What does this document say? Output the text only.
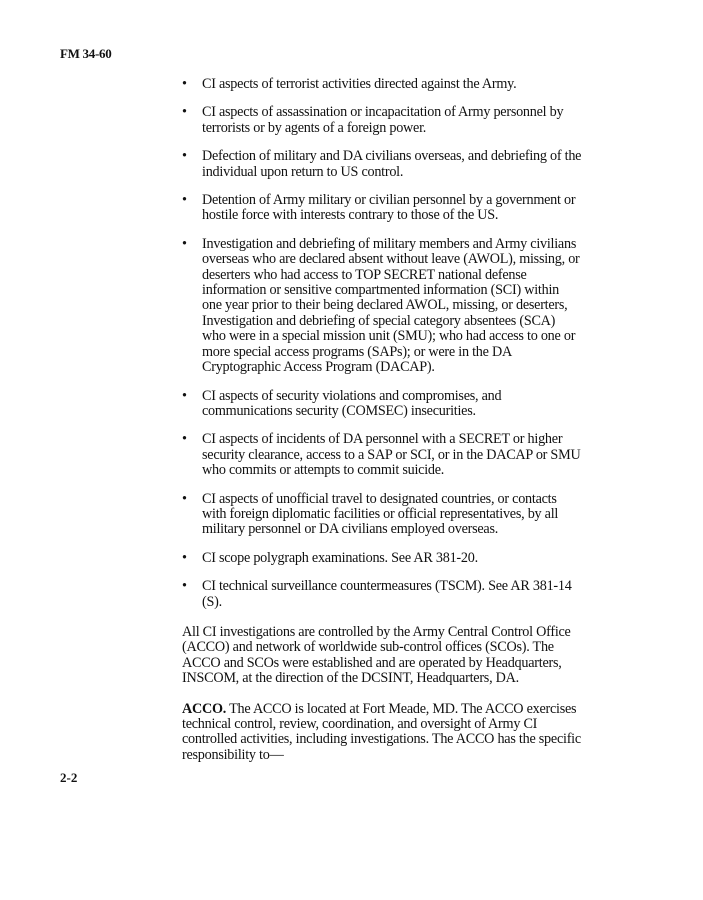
FM 34-60
• CI aspects of terrorist activities directed against the Army.
• CI aspects of assassination or incapacitation of Army personnel by terrorists or by agents of a foreign power.
• Defection of military and DA civilians overseas, and debriefing of the individual upon return to US control.
• Detention of Army military or civilian personnel by a government or hostile force with interests contrary to those of the US.
• Investigation and debriefing of military members and Army civilians overseas who are declared absent without leave (AWOL), missing, or deserters who had access to TOP SECRET national defense information or sensitive compartmented information (SCI) within one year prior to their being declared AWOL, missing, or deserters, Investigation and debriefing of special category absentees (SCA) who were in a special mission unit (SMU); who had access to one or more special access programs (SAPs); or were in the DA Cryptographic Access Program (DACAP).
• CI aspects of security violations and compromises, and communications security (COMSEC) insecurities.
• CI aspects of incidents of DA personnel with a SECRET or higher security clearance, access to a SAP or SCI, or in the DACAP or SMU who commits or attempts to commit suicide.
• CI aspects of unofficial travel to designated countries, or contacts with foreign diplomatic facilities or official representatives, by all military personnel or DA civilians employed overseas.
• CI scope polygraph examinations. See AR 381-20.
• CI technical surveillance countermeasures (TSCM). See AR 381-14 (S).

All CI investigations are controlled by the Army Central Control Office (ACCO) and network of worldwide sub-control offices (SCOs). The ACCO and SCOs were established and are operated by Headquarters, INSCOM, at the direction of the DCSINT, Headquarters, DA.

ACCO. The ACCO is located at Fort Meade, MD. The ACCO exercises technical control, review, coordination, and oversight of Army CI controlled activities, including investigations. The ACCO has the specific responsibility to—

2-2
